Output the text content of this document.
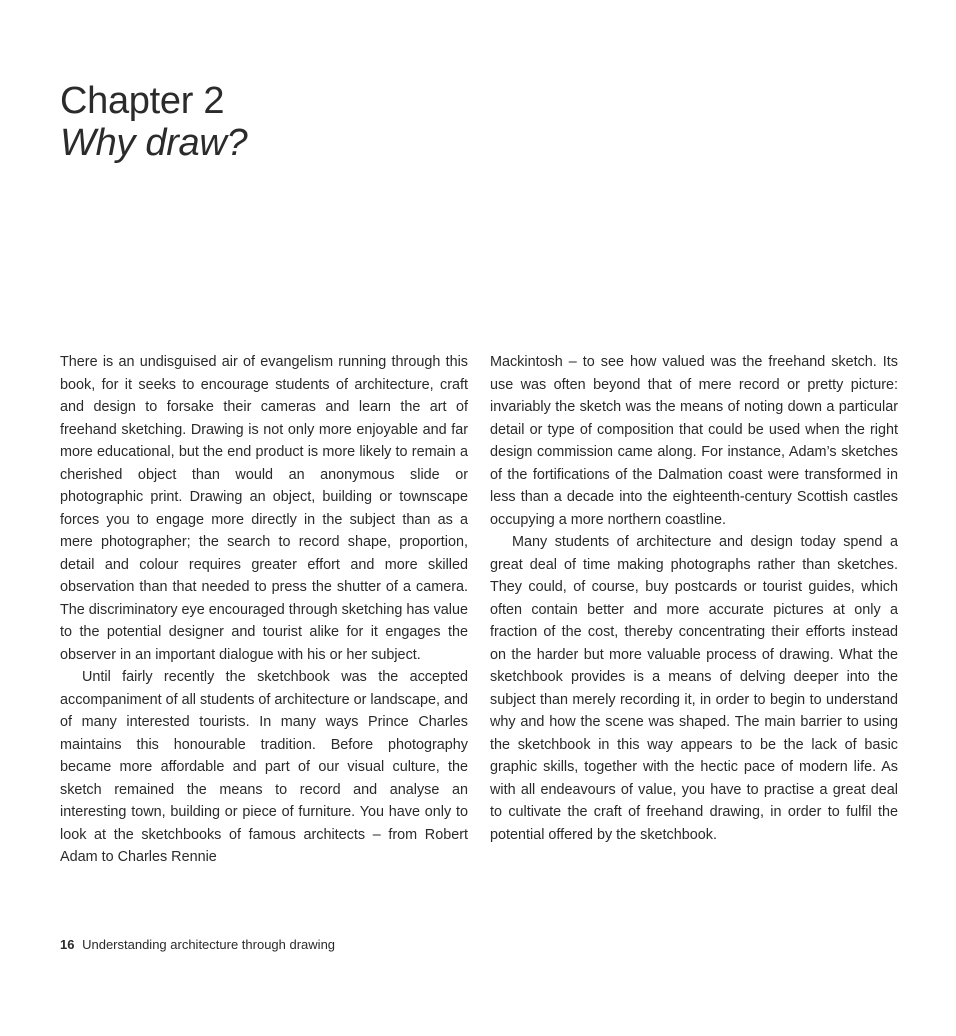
Chapter 2
Why draw?

There is an undisguised air of evangelism running through this book, for it seeks to encourage students of architecture, craft and design to forsake their cameras and learn the art of freehand sketching. Drawing is not only more enjoyable and far more educational, but the end product is more likely to remain a cherished object than would an anonymous slide or photographic print. Drawing an object, building or townscape forces you to engage more directly in the subject than as a mere photographer; the search to record shape, proportion, detail and colour requires greater effort and more skilled observation than that needed to press the shutter of a camera. The discriminatory eye encouraged through sketching has value to the potential designer and tourist alike for it engages the observer in an important dialogue with his or her subject.

Until fairly recently the sketchbook was the accepted accompaniment of all students of architecture or landscape, and of many interested tourists. In many ways Prince Charles maintains this honourable tradition. Before photography became more affordable and part of our visual culture, the sketch remained the means to record and analyse an interesting town, building or piece of furniture. You have only to look at the sketchbooks of famous architects – from Robert Adam to Charles Rennie

Mackintosh – to see how valued was the freehand sketch. Its use was often beyond that of mere record or pretty picture: invariably the sketch was the means of noting down a particular detail or type of composition that could be used when the right design commission came along. For instance, Adam’s sketches of the fortifications of the Dalmation coast were transformed in less than a decade into the eighteenth-century Scottish castles occupying a more northern coastline.

Many students of architecture and design today spend a great deal of time making photographs rather than sketches. They could, of course, buy postcards or tourist guides, which often contain better and more accurate pictures at only a fraction of the cost, thereby concentrating their efforts instead on the harder but more valuable process of drawing. What the sketchbook provides is a means of delving deeper into the subject than merely recording it, in order to begin to understand why and how the scene was shaped. The main barrier to using the sketchbook in this way appears to be the lack of basic graphic skills, together with the hectic pace of modern life. As with all endeavours of value, you have to practise a great deal to cultivate the craft of freehand drawing, in order to fulfil the potential offered by the sketchbook.

16 Understanding architecture through drawing
